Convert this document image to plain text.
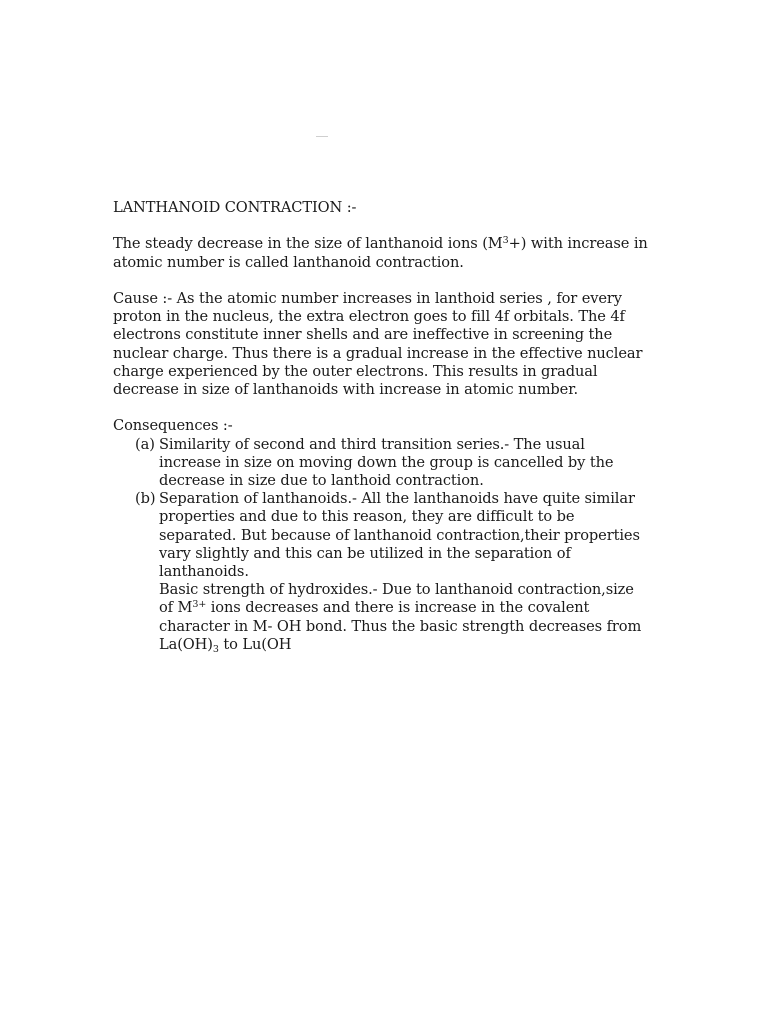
LANTHANOID CONTRACTION :-
The steady decrease in the size of lanthanoid ions $(M^3+)$ with increase in
atomic number is called lanthanoid contraction.
Cause :- As the atomic number increases in lanthoid series , for every
proton in the nucleus, the extra electron goes to fill 4f orbitals. The 4f
electrons constitute inner shells and are ineffective in screening the
nuclear charge. Thus there is a gradual increase in the effective nuclear
charge experienced by the outer electrons. This results in gradual
decrease in size of lanthanoids with increase in atomic number.
Consequences :-
(a) Similarity of second and third transition series.- The usual
increase in size on moving down the group is cancelled by the
decrease in size due to lanthoid contraction.
(b) Separation of lanthanoids.- All the lanthanoids have quite similar
properties and due to this reason, they are difficult to be
separated. But because of lanthanoid contraction,their properties
vary slightly and this can be utilized in the separation of
lanthanoids.
Basic strength of hydroxides.- Due to lanthanoid contraction,size
of $M^{3+}$ ions decreases and there is increase in the covalent
character in M- OH bond. Thus the basic strength decreases from
$La(OH)_3$ to Lu(OH
